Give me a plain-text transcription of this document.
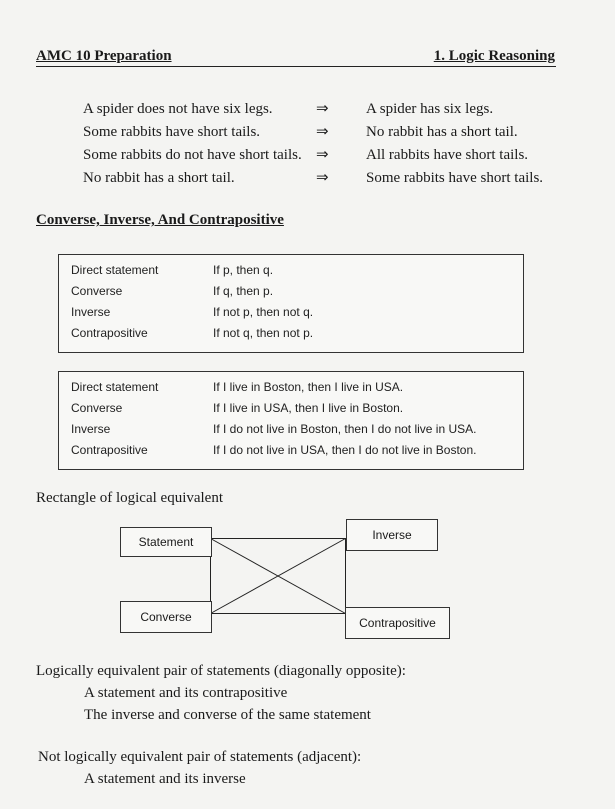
AMC 10 Preparation	1. Logic Reasoning
A spider does not have six legs.	⇒	A spider has six legs.
Some rabbits have short tails.	⇒	No rabbit has a short tail.
Some rabbits do not have short tails. ⇒	All rabbits have short tails.
No rabbit has a short tail.	⇒	Some rabbits have short tails.
Converse, Inverse, And Contrapositive
Direct statement	If p, then q.
Converse	If q, then p.
Inverse	If not p, then not q.
Contrapositive	If not q, then not p.
Direct statement	If I live in Boston, then I live in USA.
Converse	If I live in USA, then I live in Boston.
Inverse	If I do not live in Boston, then I do not live in USA.
Contrapositive	If I do not live in USA, then I do not live in Boston.
Rectangle of logical equivalent
Statement	Inverse
Converse	Contrapositive
Logically equivalent pair of statements (diagonally opposite):
A statement and its contrapositive
The inverse and converse of the same statement
Not logically equivalent pair of statements (adjacent):
A statement and its inverse
